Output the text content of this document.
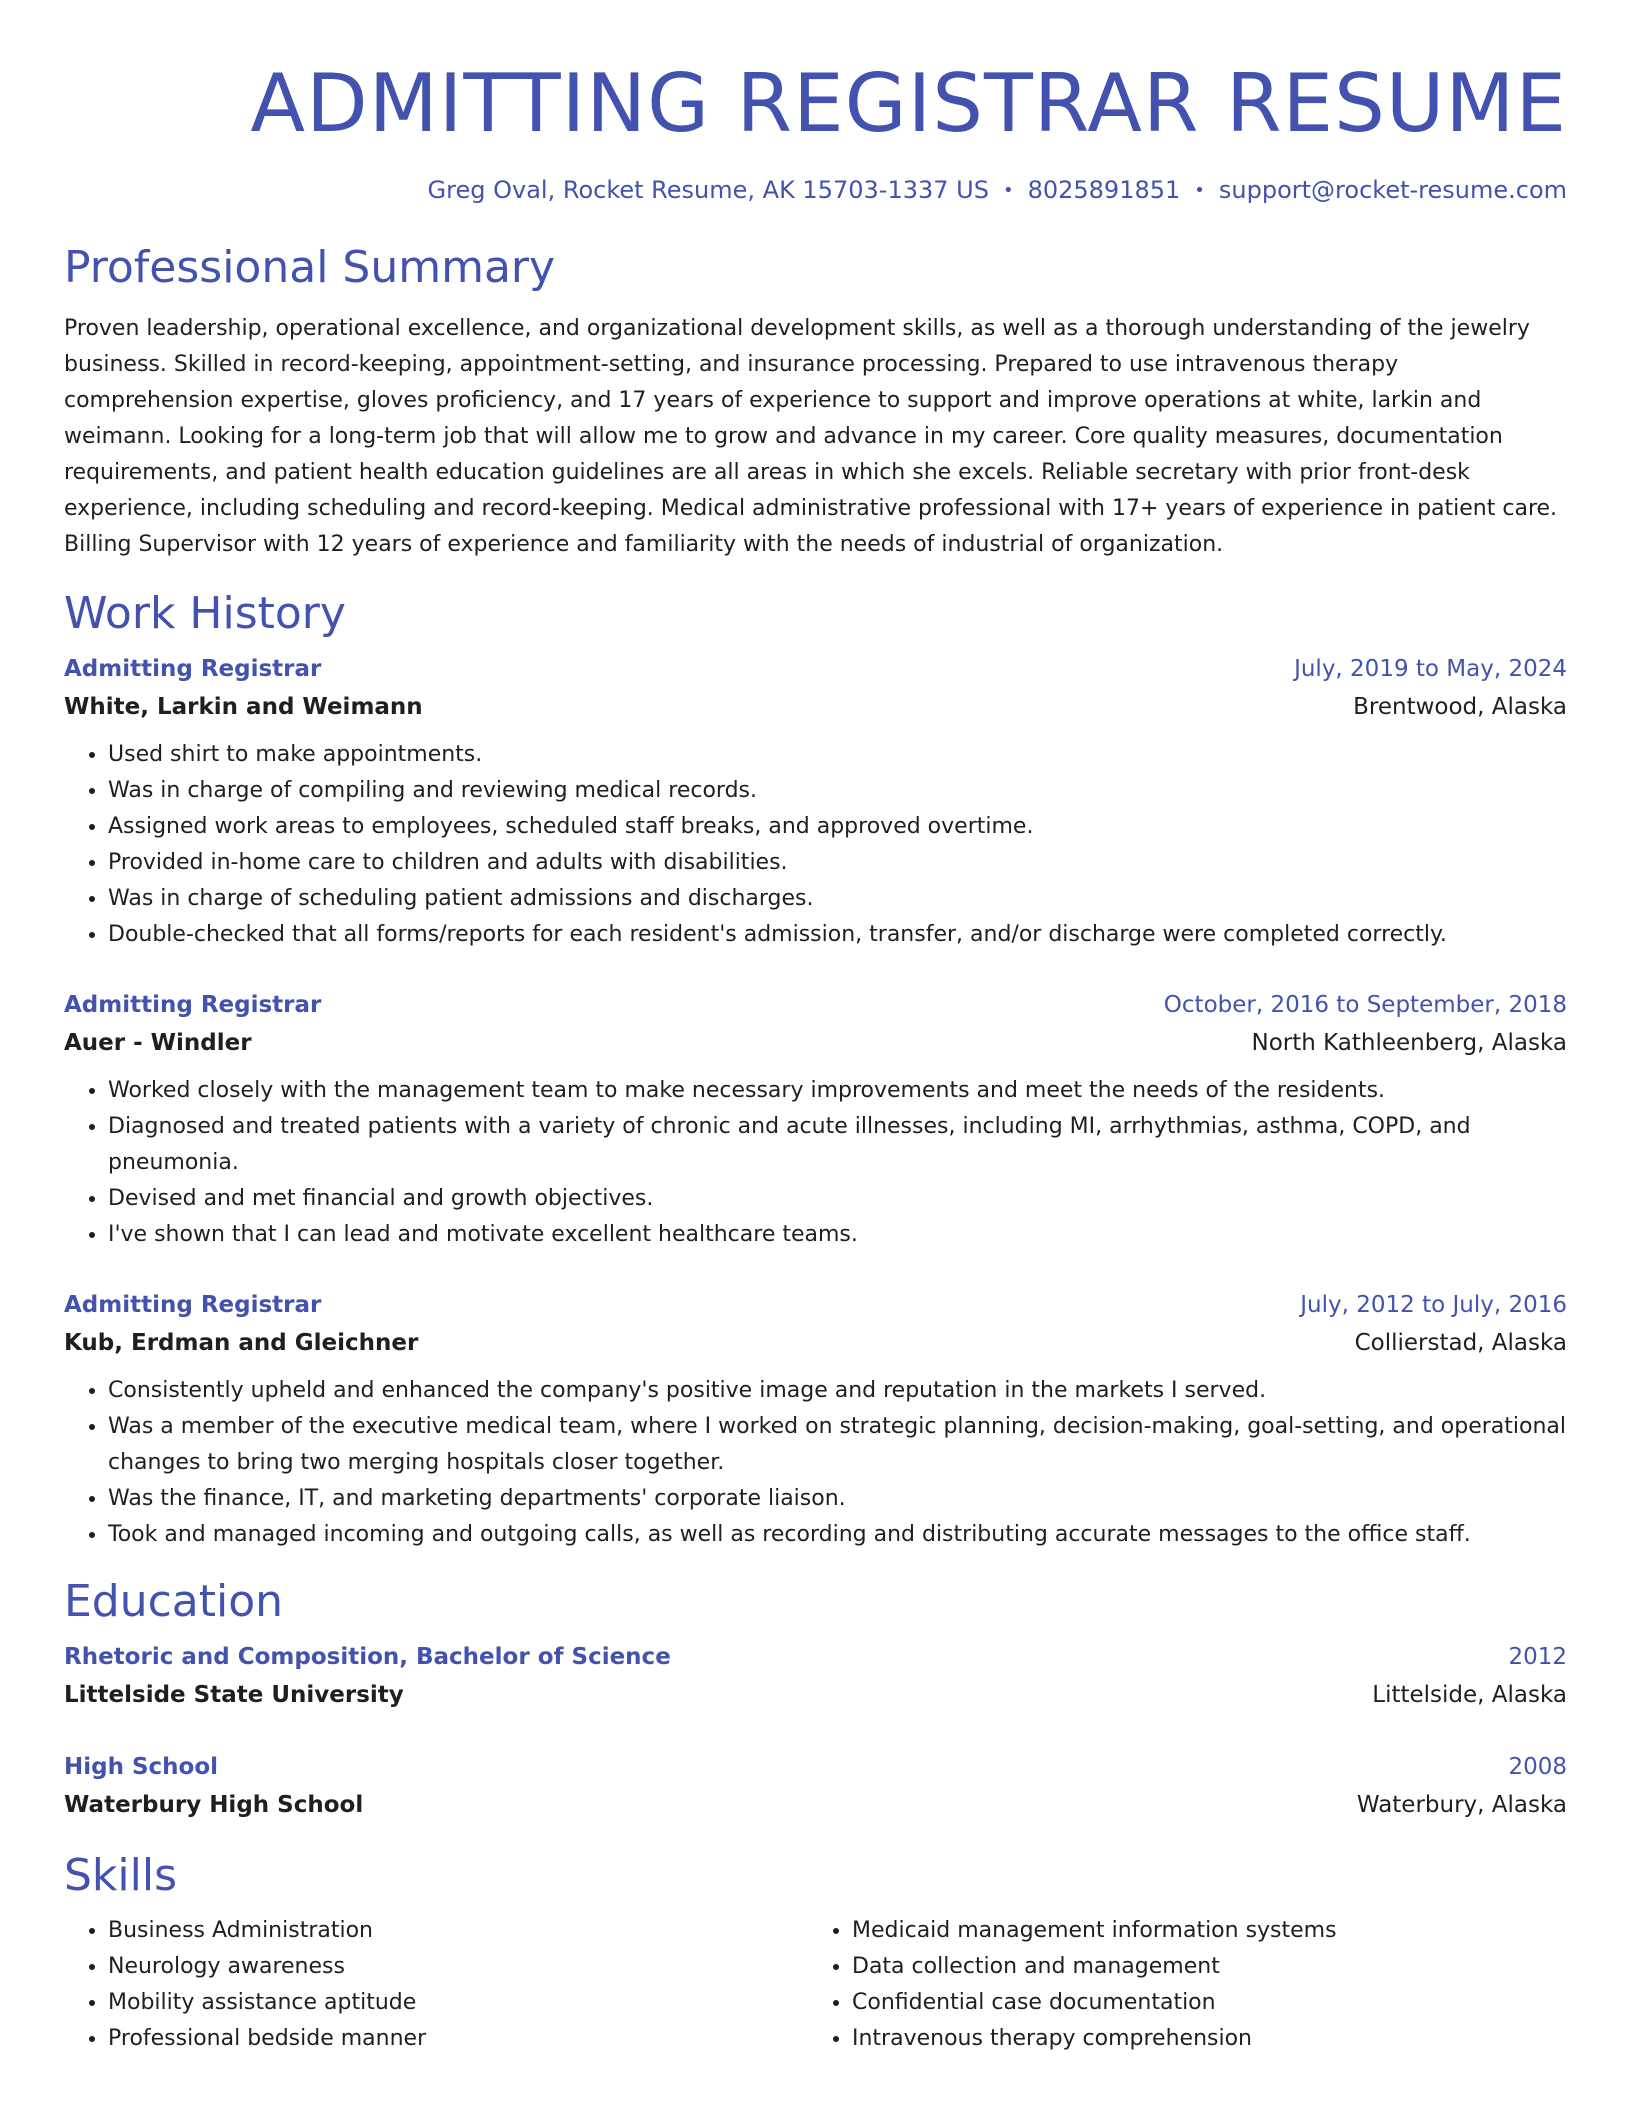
ADMITTING REGISTRAR RESUME
Greg Oval, Rocket Resume, AK 15703-1337 US • 8025891851 • support@rocket-resume.com
Professional Summary

Proven leadership, operational excellence, and organizational development skills, as well as a thorough understanding of the jewelry business. Skilled in record-keeping, appointment-setting, and insurance processing. Prepared to use intravenous therapy comprehension expertise, gloves proficiency, and 17 years of experience to support and improve operations at white, larkin and weimann. Looking for a long-term job that will allow me to grow and advance in my career. Core quality measures, documentation requirements, and patient health education guidelines are all areas in which she excels. Reliable secretary with prior front-desk experience, including scheduling and record-keeping. Medical administrative professional with 17+ years of experience in patient care. Billing Supervisor with 12 years of experience and familiarity with the needs of industrial of organization.

Work History
Admitting Registrar	July, 2019 to May, 2024
White, Larkin and Weimann	Brentwood, Alaska
• Used shirt to make appointments.
• Was in charge of compiling and reviewing medical records.
• Assigned work areas to employees, scheduled staff breaks, and approved overtime.
• Provided in-home care to children and adults with disabilities.
• Was in charge of scheduling patient admissions and discharges.
• Double-checked that all forms/reports for each resident's admission, transfer, and/or discharge were completed correctly.
Admitting Registrar	October, 2016 to September, 2018
Auer - Windler	North Kathleenberg, Alaska
• Worked closely with the management team to make necessary improvements and meet the needs of the residents.
• Diagnosed and treated patients with a variety of chronic and acute illnesses, including MI, arrhythmias, asthma, COPD, and pneumonia.
• Devised and met financial and growth objectives.
• I've shown that I can lead and motivate excellent healthcare teams.
Admitting Registrar	July, 2012 to July, 2016
Kub, Erdman and Gleichner	Collierstad, Alaska
• Consistently upheld and enhanced the company's positive image and reputation in the markets I served.
• Was a member of the executive medical team, where I worked on strategic planning, decision-making, goal-setting, and operational changes to bring two merging hospitals closer together.
• Was the finance, IT, and marketing departments' corporate liaison.
• Took and managed incoming and outgoing calls, as well as recording and distributing accurate messages to the office staff.
Education
Rhetoric and Composition, Bachelor of Science	2012
Littelside State University	Littelside, Alaska
High School	2008
Waterbury High School	Waterbury, Alaska
Skills
• Business Administration
• Neurology awareness
• Mobility assistance aptitude
• Professional bedside manner
• Medicaid management information systems
• Data collection and management
• Confidential case documentation
• Intravenous therapy comprehension
